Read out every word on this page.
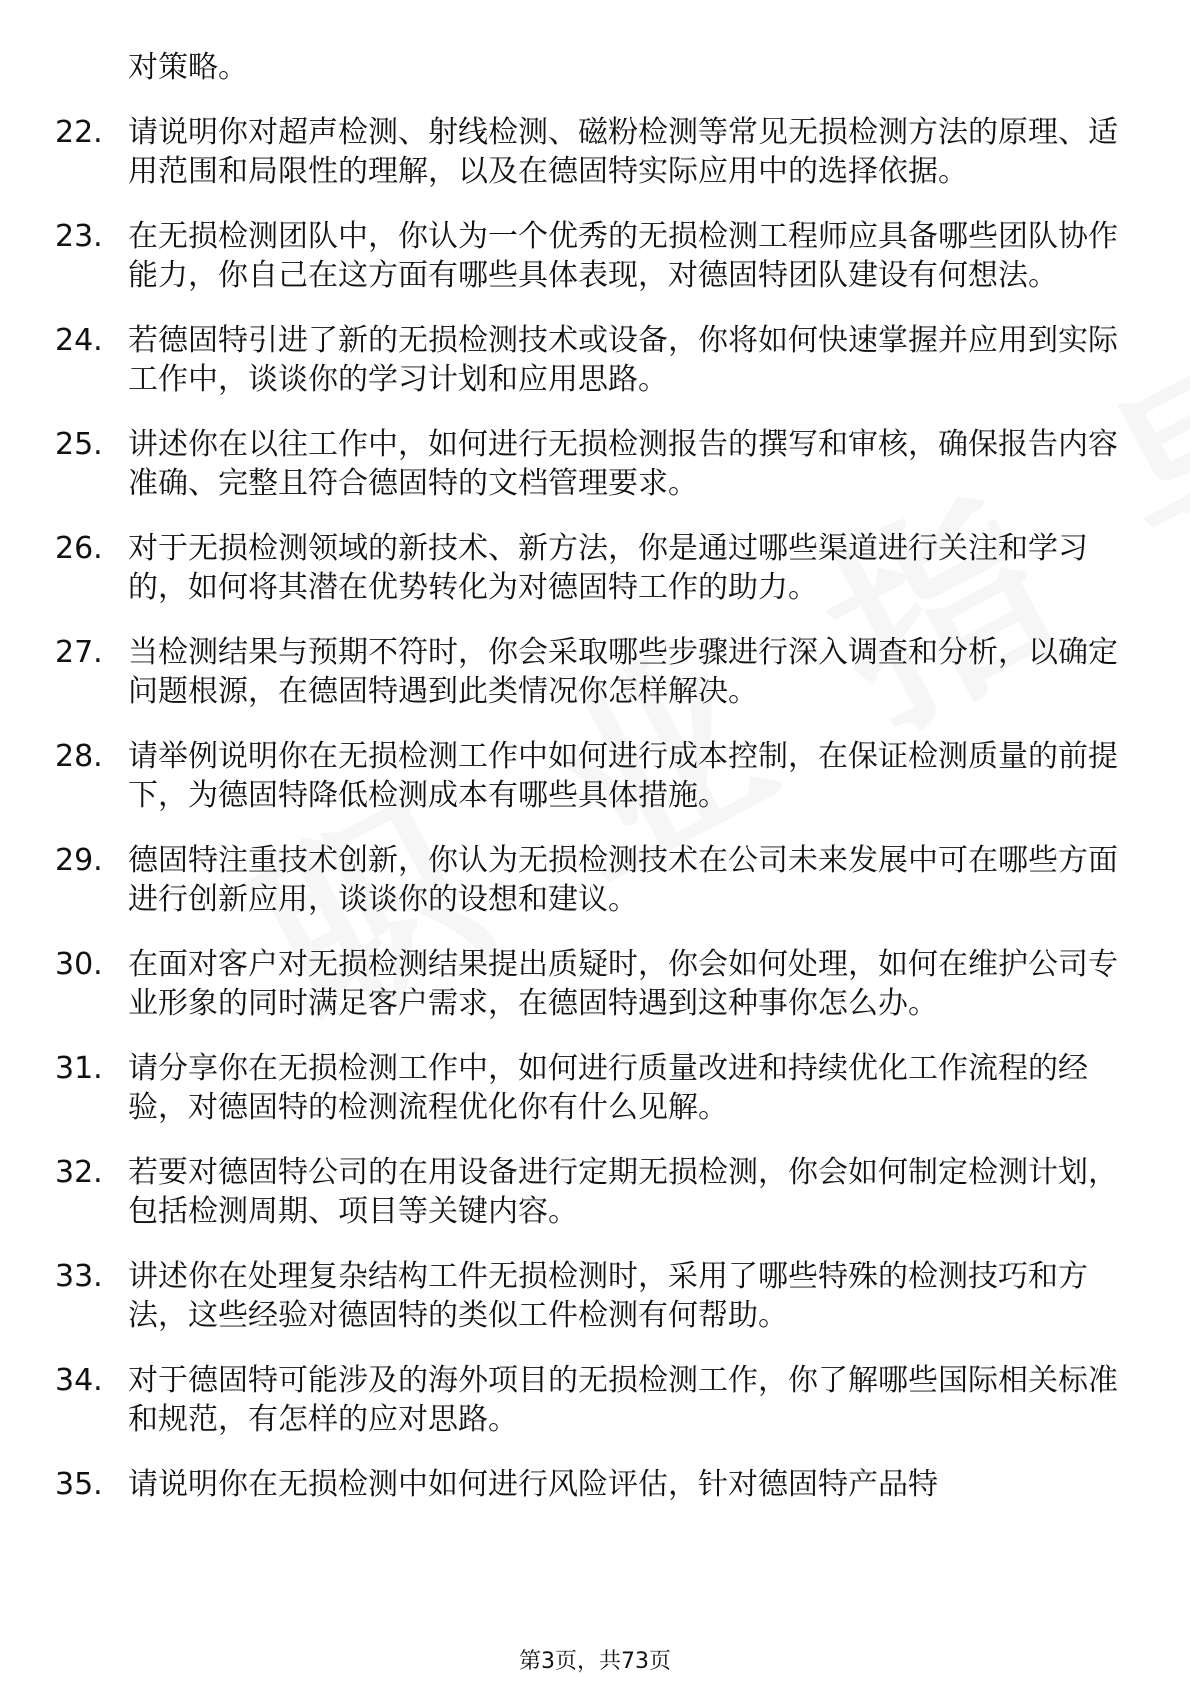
对策略。
22. 请说明你对超声检测、射线检测、磁粉检测等常见无损检测方法的原理、适用范围和局限性的理解，以及在德固特实际应用中的选择依据。
23. 在无损检测团队中，你认为一个优秀的无损检测工程师应具备哪些团队协作能力，你自己在这方面有哪些具体表现，对德固特团队建设有何想法。
24. 若德固特引进了新的无损检测技术或设备，你将如何快速掌握并应用到实际工作中，谈谈你的学习计划和应用思路。
25. 讲述你在以往工作中，如何进行无损检测报告的撰写和审核，确保报告内容准确、完整且符合德固特的文档管理要求。
26. 对于无损检测领域的新技术、新方法，你是通过哪些渠道进行关注和学习的，如何将其潜在优势转化为对德固特工作的助力。
27. 当检测结果与预期不符时，你会采取哪些步骤进行深入调查和分析，以确定问题根源，在德固特遇到此类情况你怎样解决。
28. 请举例说明你在无损检测工作中如何进行成本控制，在保证检测质量的前提下，为德固特降低检测成本有哪些具体措施。
29. 德固特注重技术创新，你认为无损检测技术在公司未来发展中可在哪些方面进行创新应用，谈谈你的设想和建议。
30. 在面对客户对无损检测结果提出质疑时，你会如何处理，如何在维护公司专业形象的同时满足客户需求，在德固特遇到这种事你怎么办。
31. 请分享你在无损检测工作中，如何进行质量改进和持续优化工作流程的经验，对德固特的检测流程优化你有什么见解。
32. 若要对德固特公司的在用设备进行定期无损检测，你会如何制定检测计划，包括检测周期、项目等关键内容。
33. 讲述你在处理复杂结构工件无损检测时，采用了哪些特殊的检测技巧和方法，这些经验对德固特的类似工件检测有何帮助。
34. 对于德固特可能涉及的海外项目的无损检测工作，你了解哪些国际相关标准和规范，有怎样的应对思路。
35. 请说明你在无损检测中如何进行风险评估，针对德固特产品特
第3页，共73页
